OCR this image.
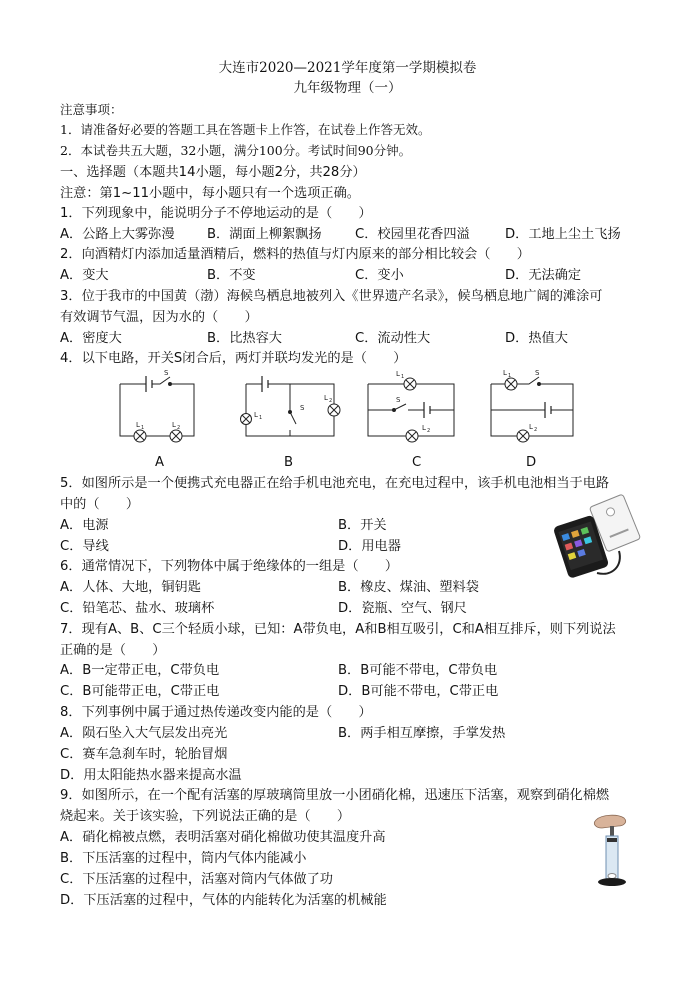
大连市2020—2021学年度第一学期模拟卷
九年级物理（一）
注意事项：
1．请准备好必要的答题工具在答题卡上作答，在试卷上作答无效。
2．本试卷共五大题，32小题，满分100分。考试时间90分钟。
一、选择题（本题共14小题，每小题2分，共28分）
注意：第1~11小题中，每小题只有一个选项正确。
1．下列现象中，能说明分子不停地运动的是（　　）
A．公路上大雾弥漫 B．湖面上柳絮飘扬	C．校园里花香四溢	D．工地上尘土飞扬
2．向酒精灯内添加适量酒精后，燃料的热值与灯内原来的部分相比较会（　　）
A．变大	B．不变	C．变小	D．无法确定
3．位于我市的中国黄（渤）海候鸟栖息地被列入《世界遗产名录》，候鸟栖息地广阔的滩涂可
有效调节气温，因为水的（　　）
A．密度大	B．比热容大	C．流动性大	D．热值大
4．以下电路，开关S闭合后，两灯并联均发光的是（　　）
S
L 1	L 2
A
S
L 1
L 2
B
L 1
S
L 2
C
L 1	S
L 2
D
5．如图所示是一个便携式充电器正在给手机电池充电，在充电过程中，该手机电池相当于电路
中的（　　）
A．电源	B．开关
C．导线	D．用电器
6．通常情况下，下列物体中属于绝缘体的一组是（　　）
A．人体、大地，铜钥匙	B．橡皮、煤油、塑料袋
C．铅笔芯、盐水、玻璃杯	D．瓷瓶、空气、钢尺
7．现有A、B、C三个轻质小球，已知：A带负电，A和B相互吸引，C和A相互排斥，则下列说法
正确的是（　　）
A．B一定带正电，C带负电	B．B可能不带电，C带负电
C．B可能带正电，C带正电	D．B可能不带电，C带正电
8．下列事例中属于通过热传递改变内能的是（　　）
A．陨石坠入大气层发出亮光	B．两手相互摩擦，手掌发热
C．赛车急刹车时，轮胎冒烟
D．用太阳能热水器来提高水温
9．如图所示，在一个配有活塞的厚玻璃筒里放一小团硝化棉，迅速压下活塞，观察到硝化棉燃
烧起来。关于该实验，下列说法正确的是（　　）
A．硝化棉被点燃，表明活塞对硝化棉做功使其温度升高
B．下压活塞的过程中，筒内气体内能减小
C．下压活塞的过程中，活塞对筒内气体做了功
D．下压活塞的过程中，气体的内能转化为活塞的机械能
